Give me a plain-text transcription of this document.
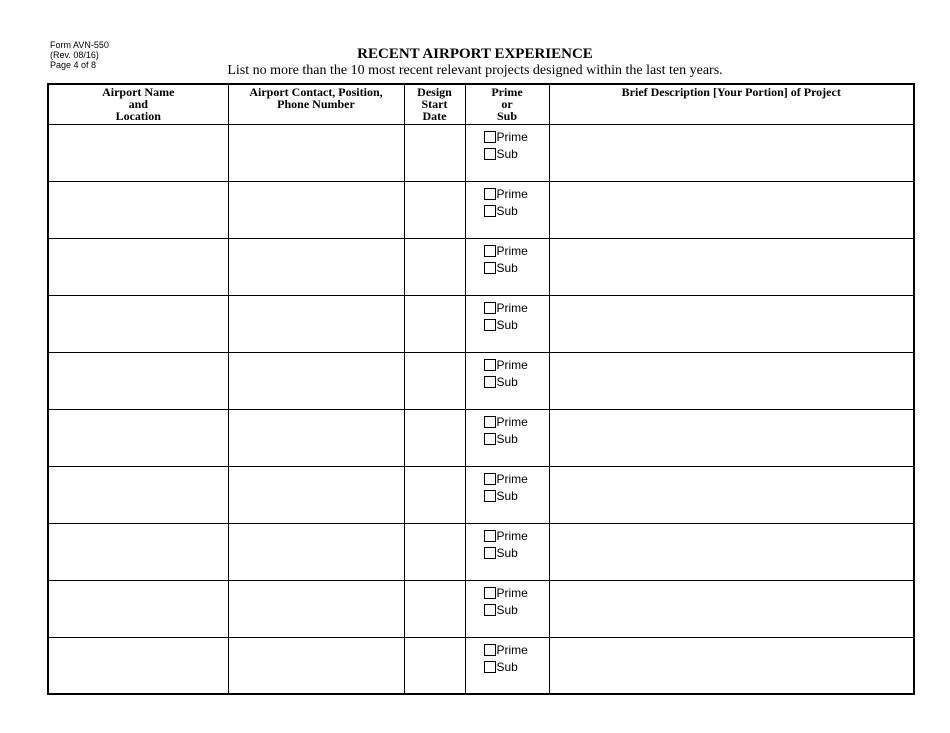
Form AVN-550
(Rev. 08/16)
Page 4 of 8
RECENT AIRPORT EXPERIENCE
List no more than the 10 most recent relevant projects designed within the last ten years.
Airport Name
and
Location	Airport Contact, Position,
Phone Number	Design
Start
Date	Prime
or
Sub	Brief Description [Your Portion] of Project

			Prime
Sub	

			Prime
Sub	

			Prime
Sub	

			Prime
Sub	

			Prime
Sub	

			Prime
Sub	

			Prime
Sub	

			Prime
Sub	

			Prime
Sub	

			Prime
Sub	
